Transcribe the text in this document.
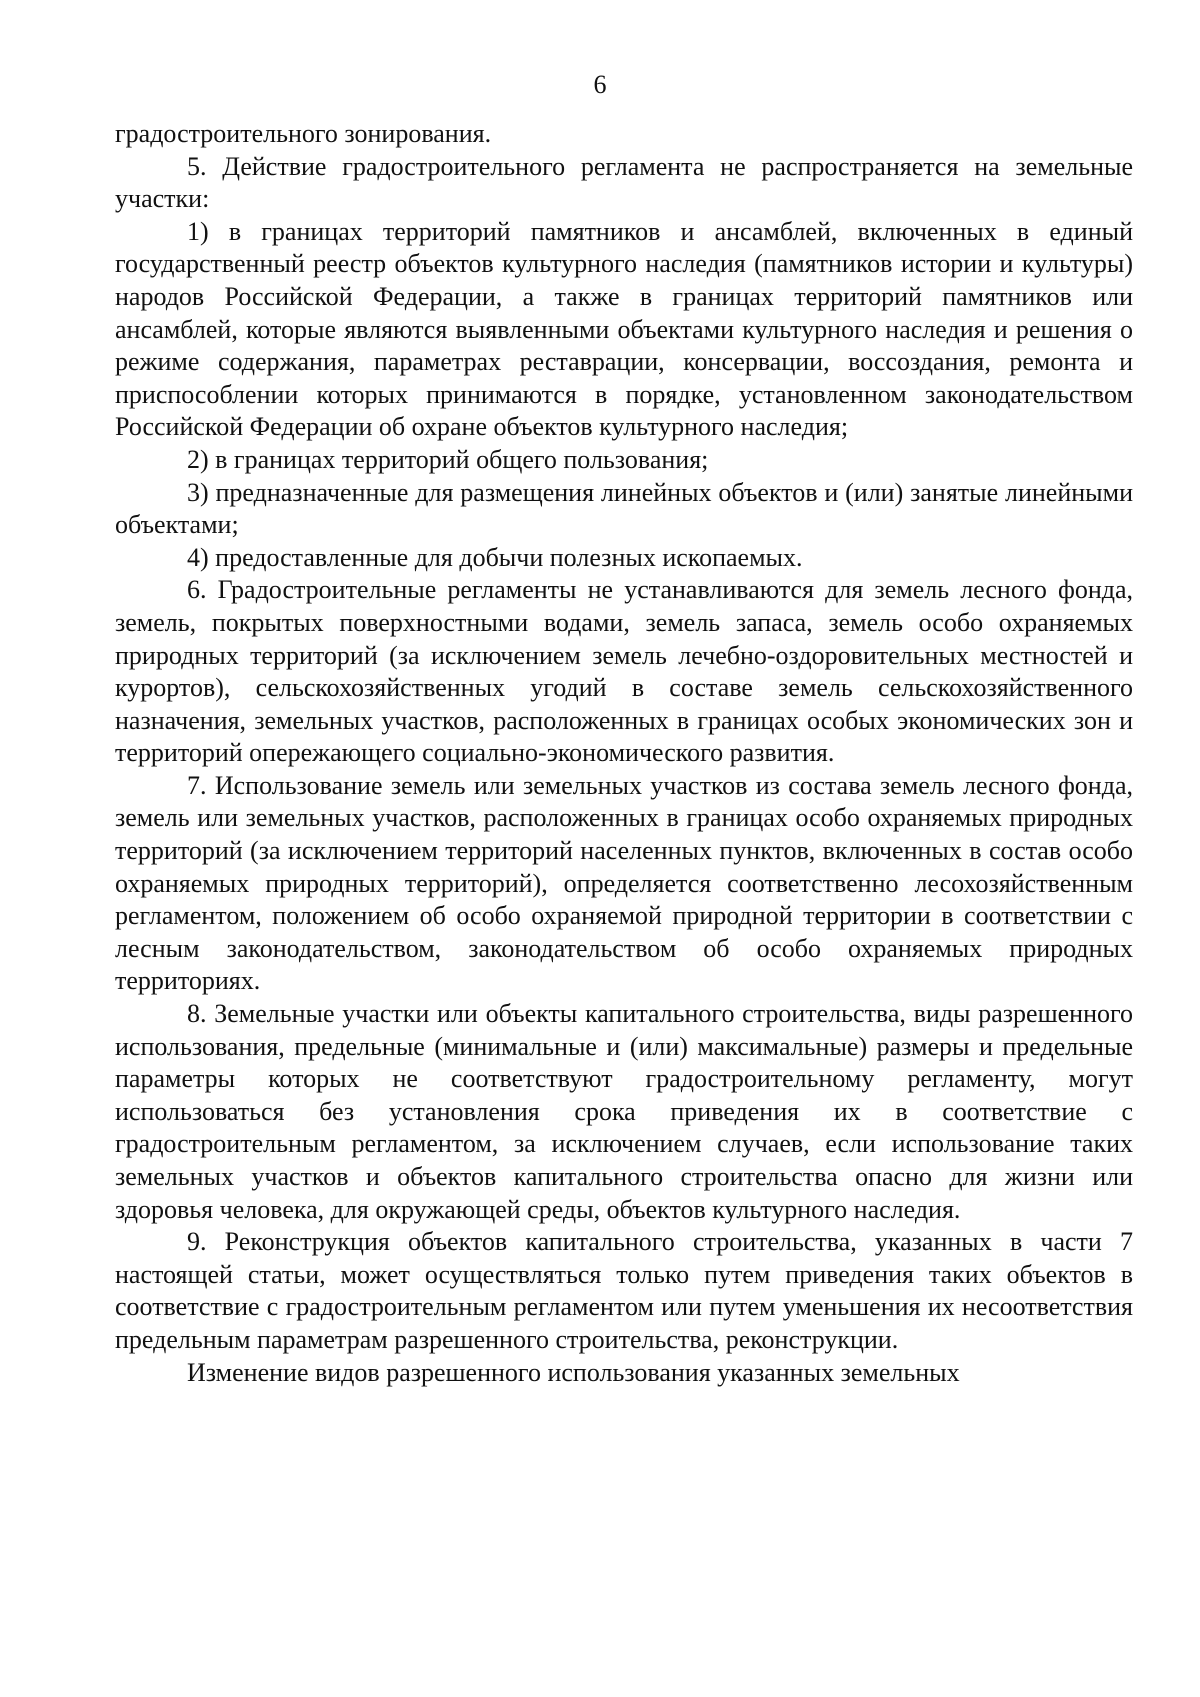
6

градостроительного зонирования.

5. Действие градостроительного регламента не распространяется на земельные участки:

1) в границах территорий памятников и ансамблей, включенных в единый государственный реестр объектов культурного наследия (памятников истории и культуры) народов Российской Федерации, а также в границах территорий памятников или ансамблей, которые являются выявленными объектами культурного наследия и решения о режиме содержания, параметрах реставрации, консервации, воссоздания, ремонта и приспособлении которых принимаются в порядке, установленном законодательством Российской Федерации об охране объектов культурного наследия;

2) в границах территорий общего пользования;

3) предназначенные для размещения линейных объектов и (или) занятые линейными объектами;

4) предоставленные для добычи полезных ископаемых.

6. Градостроительные регламенты не устанавливаются для земель лесного фонда, земель, покрытых поверхностными водами, земель запаса, земель особо охраняемых природных территорий (за исключением земель лечебно-оздоровительных местностей и курортов), сельскохозяйственных угодий в составе земель сельскохозяйственного назначения, земельных участков, расположенных в границах особых экономических зон и территорий опережающего социально-экономического развития.

7. Использование земель или земельных участков из состава земель лесного фонда, земель или земельных участков, расположенных в границах особо охраняемых природных территорий (за исключением территорий населенных пунктов, включенных в состав особо охраняемых природных территорий), определяется соответственно лесохозяйственным регламентом, положением об особо охраняемой природной территории в соответствии с лесным законодательством, законодательством об особо охраняемых природных территориях.

8. Земельные участки или объекты капитального строительства, виды разрешенного использования, предельные (минимальные и (или) максимальные) размеры и предельные параметры которых не соответствуют градостроительному регламенту, могут использоваться без установления срока приведения их в соответствие с градостроительным регламентом, за исключением случаев, если использование таких земельных участков и объектов капитального строительства опасно для жизни или здоровья человека, для окружающей среды, объектов культурного наследия.

9. Реконструкция объектов капитального строительства, указанных в части 7 настоящей статьи, может осуществляться только путем приведения таких объектов в соответствие с градостроительным регламентом или путем уменьшения их несоответствия предельным параметрам разрешенного строительства, реконструкции.

Изменение видов разрешенного использования указанных земельных
